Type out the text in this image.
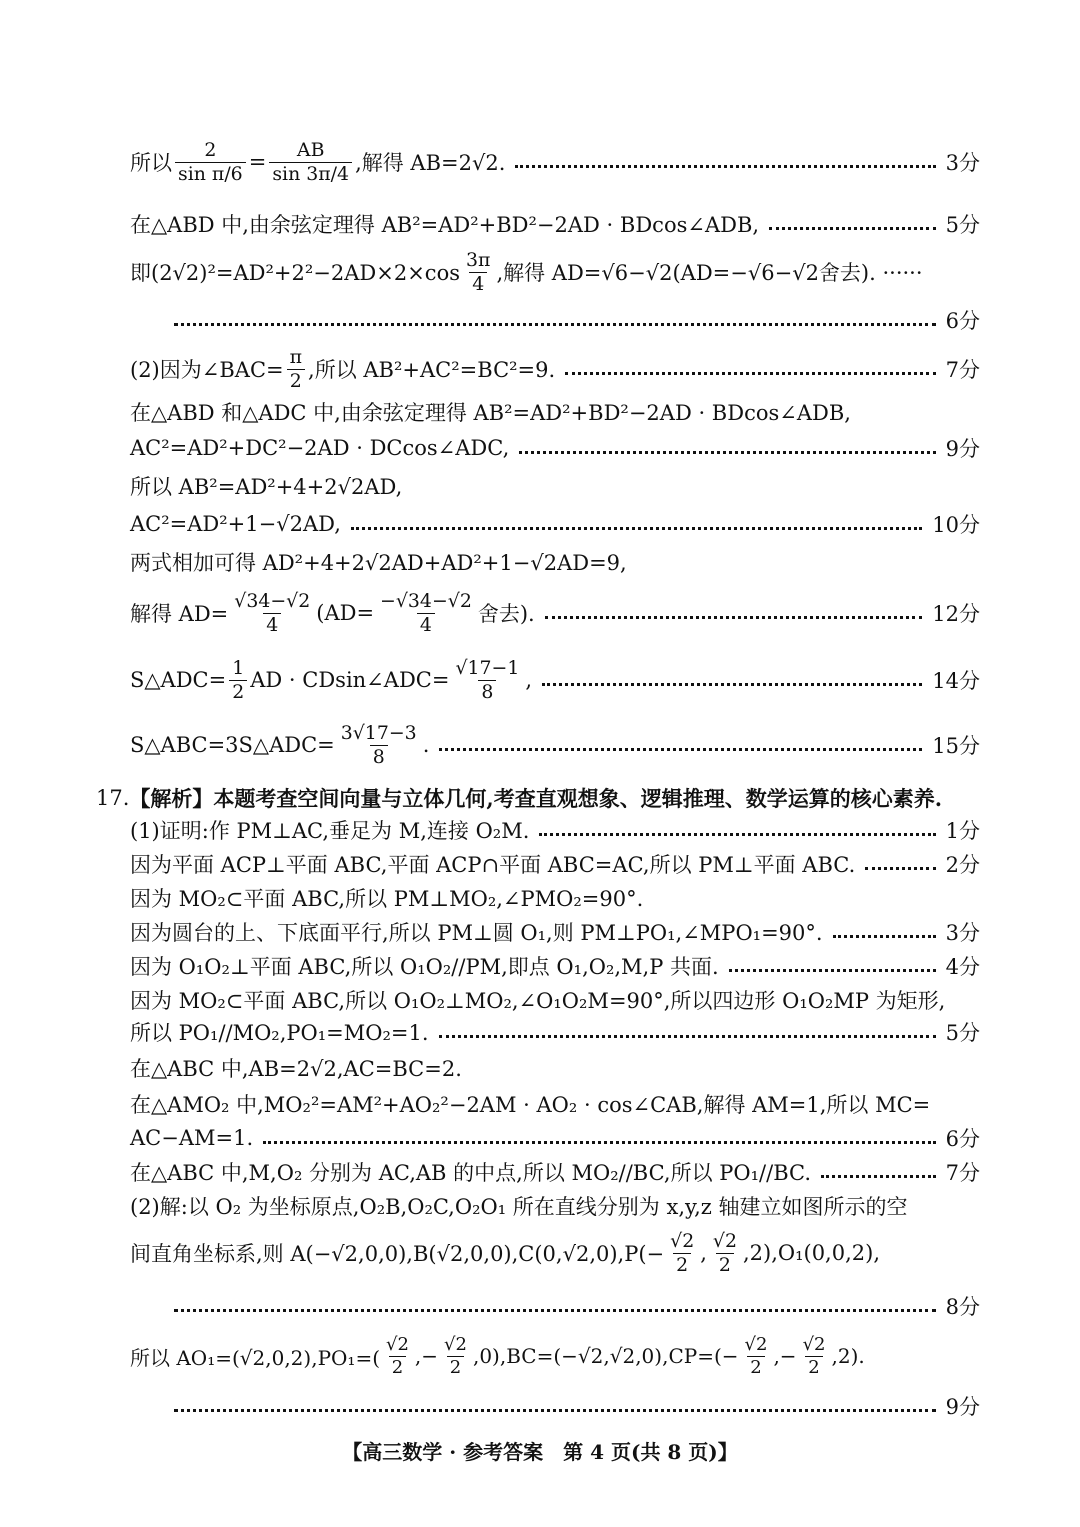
所以 $\frac{2}{\text{sin π/6}} = \frac{AB}{\sin 3\pi/4}$ ,解得 AB=2√2.	3分
在△ABD 中,由余弦定理得 AB²=AD²+BD²−2AD · BDcos∠ADB,	5分
即$(2√2)^2=AD^2+2^2-2AD\times 2\times\cos \frac{3\pi}{4}$ ,解得 AD=√6−√2(AD=−√6−√2舍去). ······
6分
(2)因为∠BAC= $\frac{\pi}{2}$ ,所以 AB²+AC²=BC²=9.	7分
在△ABD 和△ADC 中,由余弦定理得 AB²=AD²+BD²−2AD · BDcos∠ADB,
AC²=AD²+DC²−2AD · DCcos∠ADC,	9分
所以 AB²=AD²+4+2√2AD,
AC²=AD²+1−√2AD,	10分
两式相加可得 AD²+4+2√2AD+AD²+1−√2AD=9,
解得 $AD= \frac{√34-√2}{4} (AD= \frac{-√34-√2}{4}$ 舍去).	12分
S△ADC= $\frac{1}{2}$ AD · CDsin∠ADC= $\frac{√17-1}{8}$ ,	14分
S△ABC=3S△ADC= $\frac{3√17-3}{8}$ .	15分
17. 【解析】本题考查空间向量与立体几何,考查直观想象、逻辑推理、数学运算的核心素养.
(1)证明:作 PM⊥AC,垂足为 M,连接 O₂M.	1分
因为平面 ACP⊥平面 ABC,平面 ACP∩平面 ABC=AC,所以 PM⊥平面 ABC.	2分
因为 MO₂⊂平面 ABC,所以 PM⊥MO₂,∠PMO₂=90°.
因为圆台的上、下底面平行,所以 PM⊥圆 O₁,则 PM⊥PO₁,∠MPO₁=90°.	3分
因为 O₁O₂⊥平面 ABC,所以 O₁O₂//PM,即点 O₁,O₂,M,P 共面.	4分
因为 MO₂⊂平面 ABC,所以 O₁O₂⊥MO₂,∠O₁O₂M=90°,所以四边形 O₁O₂MP 为矩形,
所以 PO₁//MO₂,PO₁=MO₂=1.	5分
在△ABC 中,AB=2√2,AC=BC=2.
在△AMO₂ 中,MO₂²=AM²+AO₂²−2AM · AO₂ · cos∠CAB,解得 AM=1,所以 MC=
AC−AM=1.	6分
在△ABC 中,M,O₂ 分别为 AC,AB 的中点,所以 MO₂//BC,所以 PO₁//BC.	7分
(2)解:以 O₂ 为坐标原点,O₂B,O₂C,O₂O₁ 所在直线分别为 x,y,z 轴建立如图所示的空
间直角坐标系,则 $A(-√2,0,0),B(√2,0,0),C(0,√2,0),P(- \frac{√2}{2}$ , $\frac{√2}{2} ,2),O_1(0,0,2)$,
8分
所以 $AO_1=(√2,0,2),PO_1=( \frac{√2}{2}$ ,− $\frac{√2}{2} ,0),BC=(-√2,√2,0),CP=(- \frac{√2}{2}$ ,− $\frac{√2}{2} ,2$).
9分
【高三数学 · 参考答案　第 4 页(共 8 页)】
